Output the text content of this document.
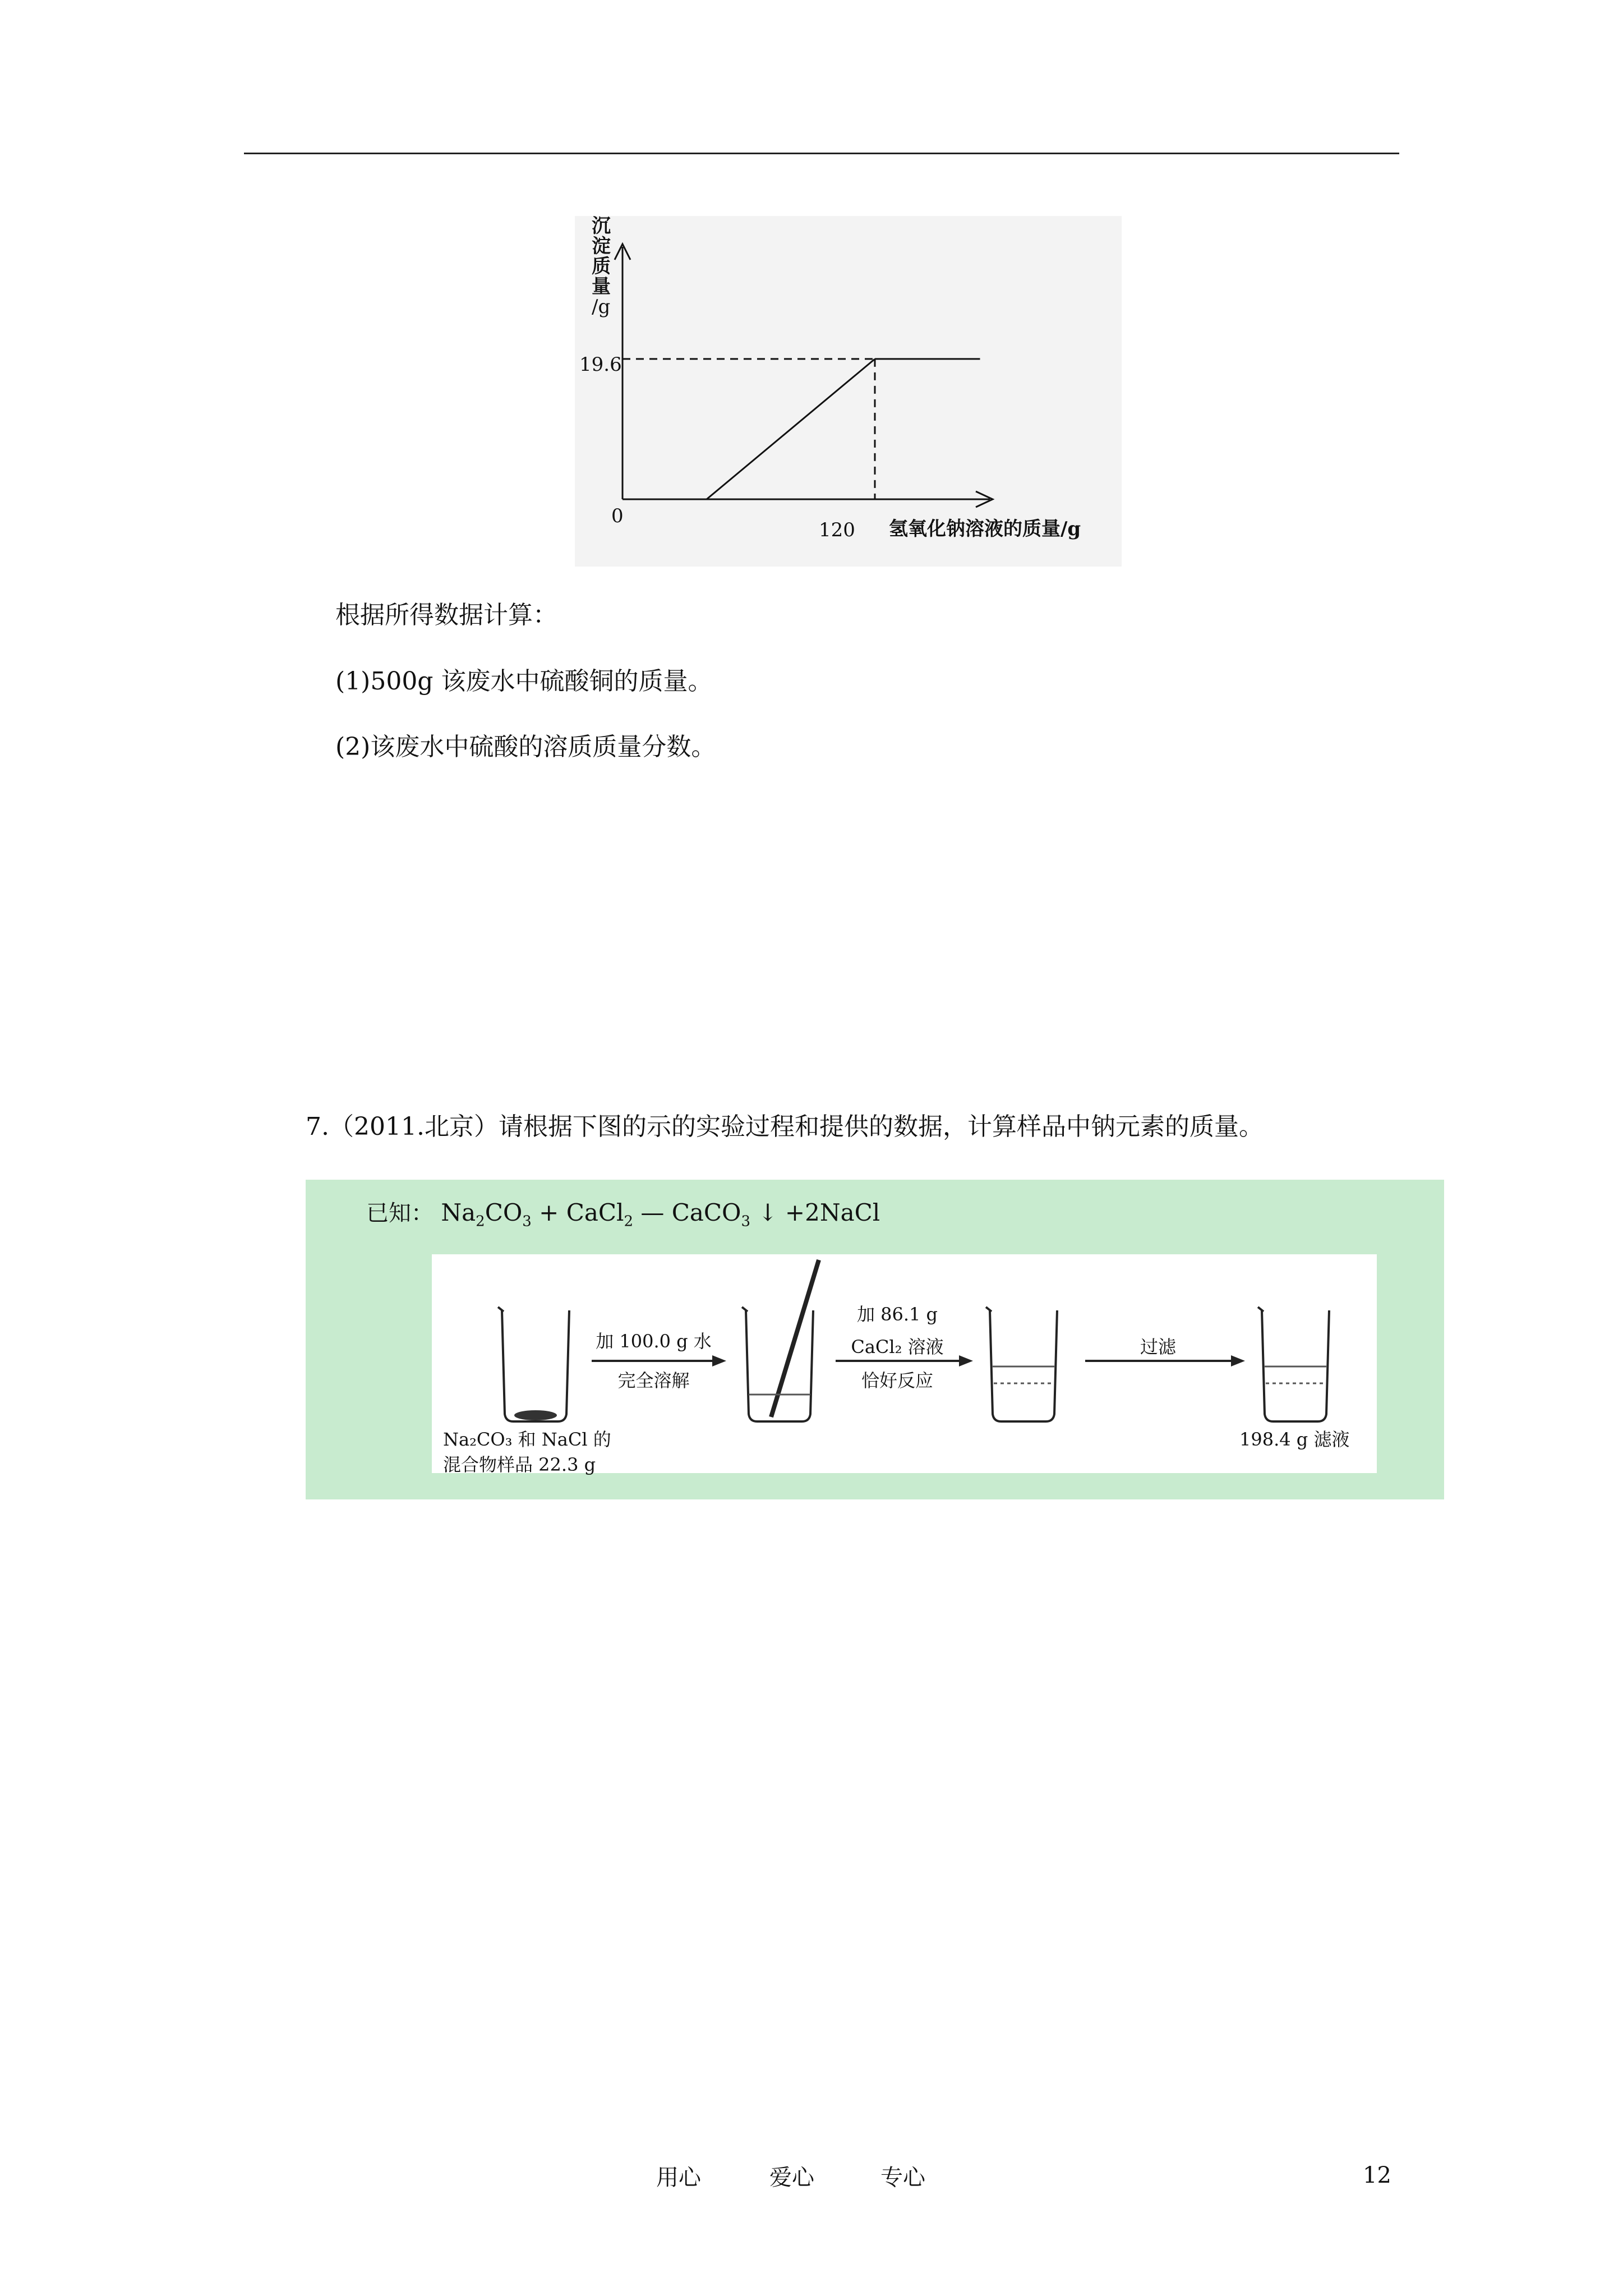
沉
淀
质
量
/g
19.6
0
120 氢氧化钠溶液的质量/g
根据所得数据计算：
(1)500g 该废水中硫酸铜的质量。
(2)该废水中硫酸的溶质质量分数。
7.（2011.北京）请根据下图的示的实验过程和提供的数据，计算样品中钠元素的质量。
已知： $Na_2CO_3$ + CaCl$_2$ — CaCO$_3$ ↓ +2NaCl
加 100.0 g 水
完全溶解
加 86.1 g
CaCl₂ 溶液
恰好反应
过滤
Na₂CO₃ 和 NaCl 的
混合物样品 22.3 g
198.4 g 滤液
用心	爱心	专心	12
